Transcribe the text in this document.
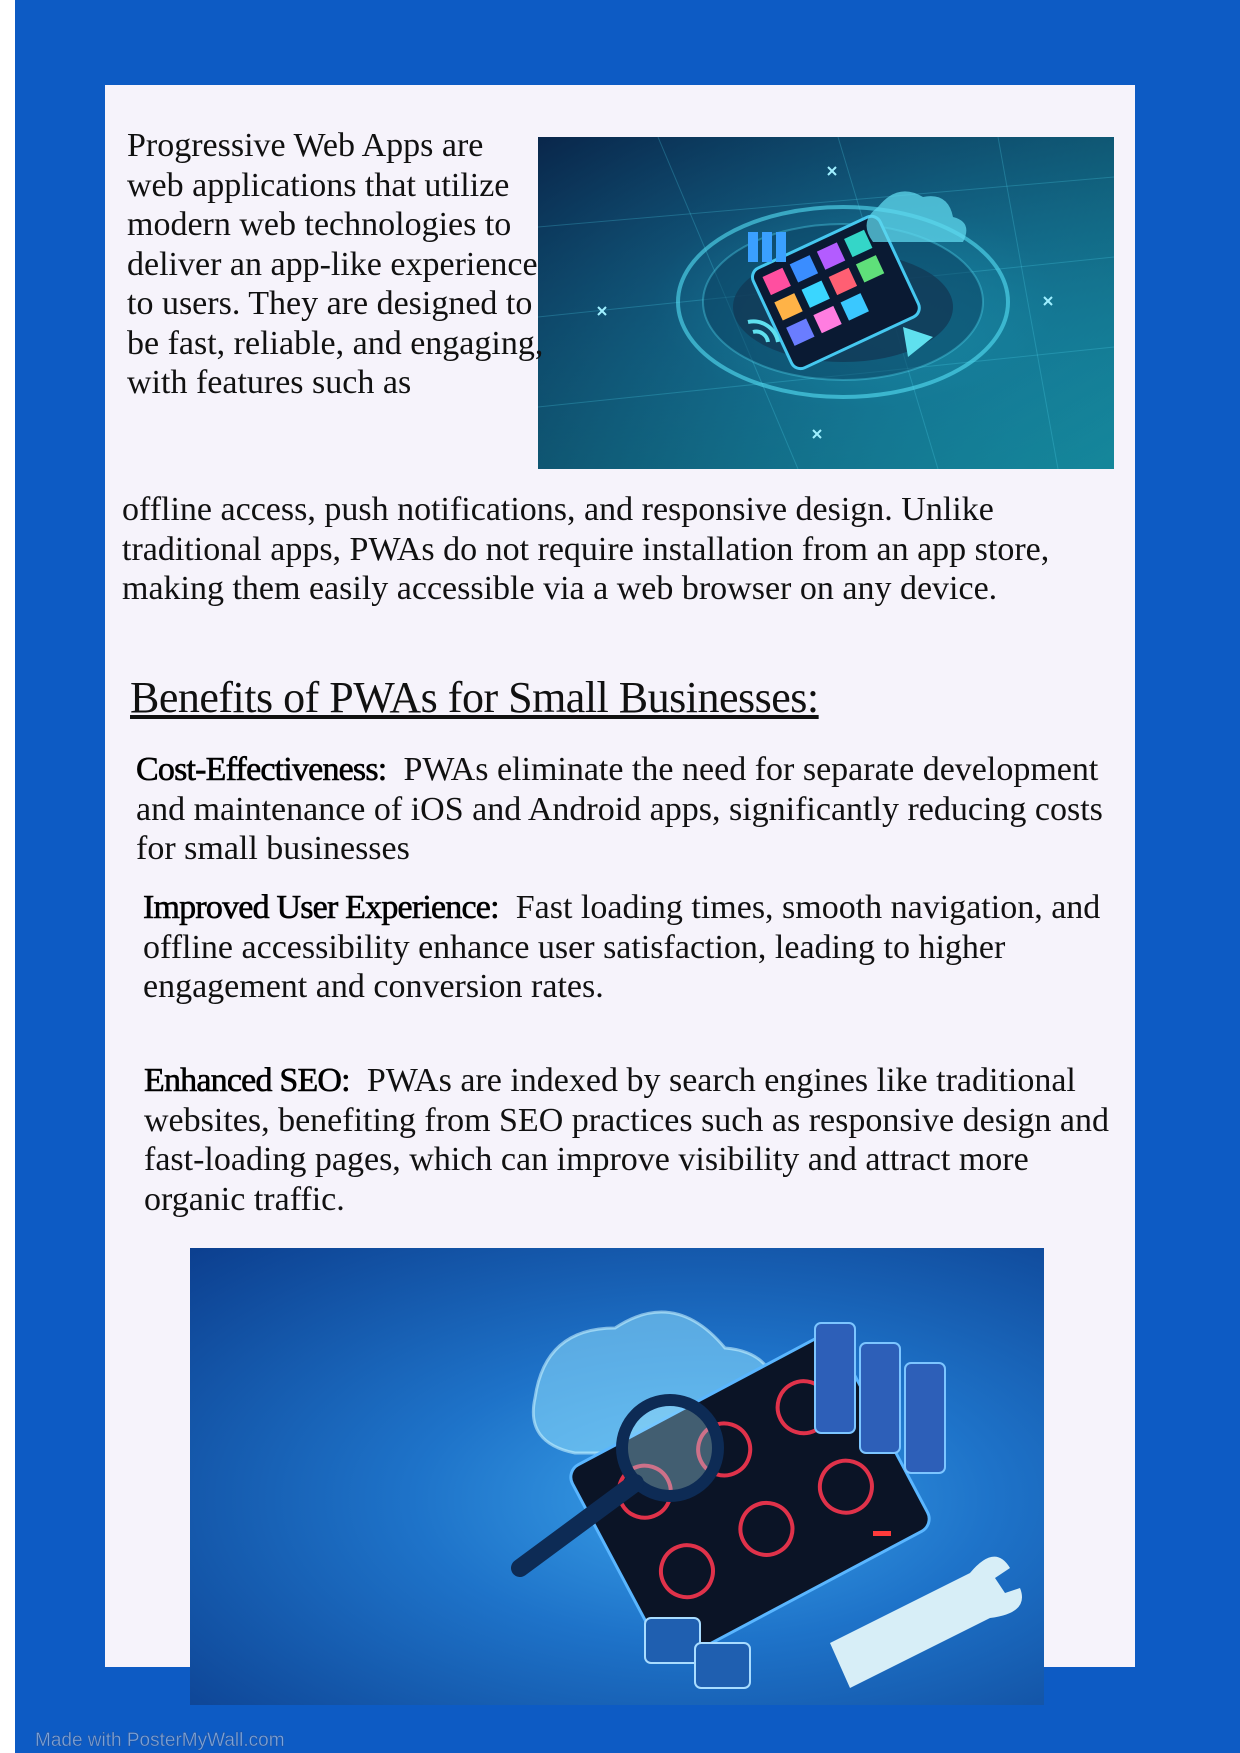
Progressive Web Apps are web applications that utilize modern web technologies to deliver an app-like experience to users. They are designed to be fast, reliable, and engaging, with features such as
offline access, push notifications, and responsive design. Unlike traditional apps, PWAs do not require installation from an app store, making them easily accessible via a web browser on any device.
Benefits of PWAs for Small Businesses:
Cost-Effectiveness: PWAs eliminate the need for separate development and maintenance of iOS and Android apps, significantly reducing costs for small businesses
Improved User Experience: Fast loading times, smooth navigation, and offline accessibility enhance user satisfaction, leading to higher engagement and conversion rates.
Enhanced SEO: PWAs are indexed by search engines like traditional websites, benefiting from SEO practices such as responsive design and fast-loading pages, which can improve visibility and attract more organic traffic.
Made with PosterMyWall.com
